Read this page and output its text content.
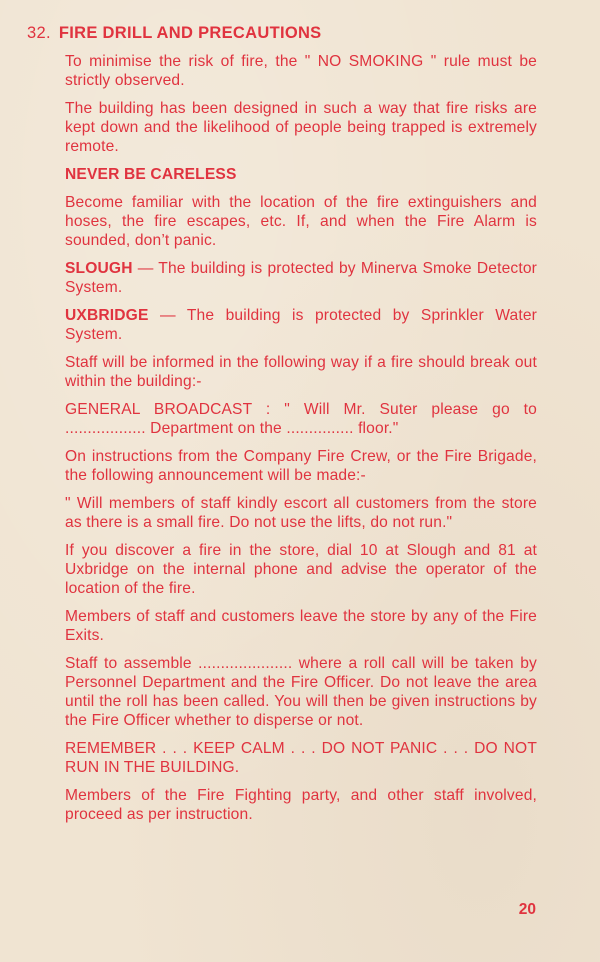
32. FIRE DRILL AND PRECAUTIONS

To minimise the risk of fire, the " NO SMOKING " rule must be strictly observed.

The building has been designed in such a way that fire risks are kept down and the likelihood of people being trapped is extremely remote.

NEVER BE CARELESS

Become familiar with the location of the fire extinguishers and hoses, the fire escapes, etc. If, and when the Fire Alarm is sounded, don’t panic.

SLOUGH — The building is protected by Minerva Smoke Detector System.

UXBRIDGE — The building is protected by Sprinkler Water System.

Staff will be informed in the following way if a fire should break out within the building:-

GENERAL BROADCAST : " Will Mr. Suter please go to .................. Department on the ............... floor."

On instructions from the Company Fire Crew, or the Fire Brigade, the following announcement will be made:-

" Will members of staff kindly escort all customers from the store as there is a small fire. Do not use the lifts, do not run."

If you discover a fire in the store, dial 10 at Slough and 81 at Uxbridge on the internal phone and advise the operator of the location of the fire.

Members of staff and customers leave the store by any of the Fire Exits.

Staff to assemble ..................... where a roll call will be taken by Personnel Department and the Fire Officer. Do not leave the area until the roll has been called. You will then be given instructions by the Fire Officer whether to disperse or not.

REMEMBER . . . KEEP CALM . . . DO NOT PANIC . . . DO NOT RUN IN THE BUILDING.

Members of the Fire Fighting party, and other staff involved, proceed as per instruction.

20
